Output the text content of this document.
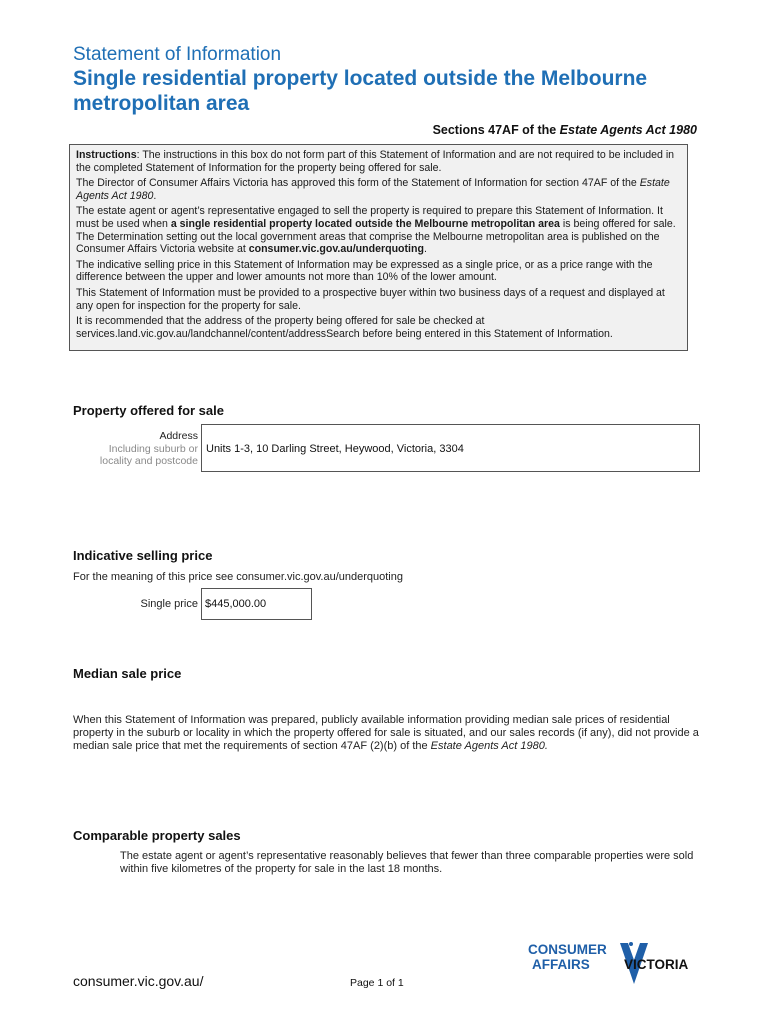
Statement of Information
Single residential property located outside the Melbourne metropolitan area
Sections 47AF of the Estate Agents Act 1980

Instructions: The instructions in this box do not form part of this Statement of Information and are not required to be included in the completed Statement of Information for the property being offered for sale.

The Director of Consumer Affairs Victoria has approved this form of the Statement of Information for section 47AF of the Estate Agents Act 1980.

The estate agent or agent’s representative engaged to sell the property is required to prepare this Statement of Information. It must be used when a single residential property located outside the Melbourne metropolitan area is being offered for sale. The Determination setting out the local government areas that comprise the Melbourne metropolitan area is published on the Consumer Affairs Victoria website at consumer.vic.gov.au/underquoting.

The indicative selling price in this Statement of Information may be expressed as a single price, or as a price range with the difference between the upper and lower amounts not more than 10% of the lower amount.

This Statement of Information must be provided to a prospective buyer within two business days of a request and displayed at any open for inspection for the property for sale.

It is recommended that the address of the property being offered for sale be checked at services.land.vic.gov.au/landchannel/content/addressSearch before being entered in this Statement of Information.

Property offered for sale
Address
Including suburb or
locality and postcode
Units 1-3, 10 Darling Street, Heywood, Victoria, 3304
Indicative selling price
For the meaning of this price see consumer.vic.gov.au/underquoting
Single price $445,000.00
Median sale price
When this Statement of Information was prepared, publicly available information providing median sale prices of residential property in the suburb or locality in which the property offered for sale is situated, and our sales records (if any), did not provide a median sale price that met the requirements of section 47AF (2)(b) of the Estate Agents Act 1980.
Comparable property sales
The estate agent or agent’s representative reasonably believes that fewer than three comparable properties were sold within five kilometres of the property for sale in the last 18 months.
consumer.vic.gov.au/	Page 1 of 1
CONSUMER
AFFAIRS	VICTORIA
